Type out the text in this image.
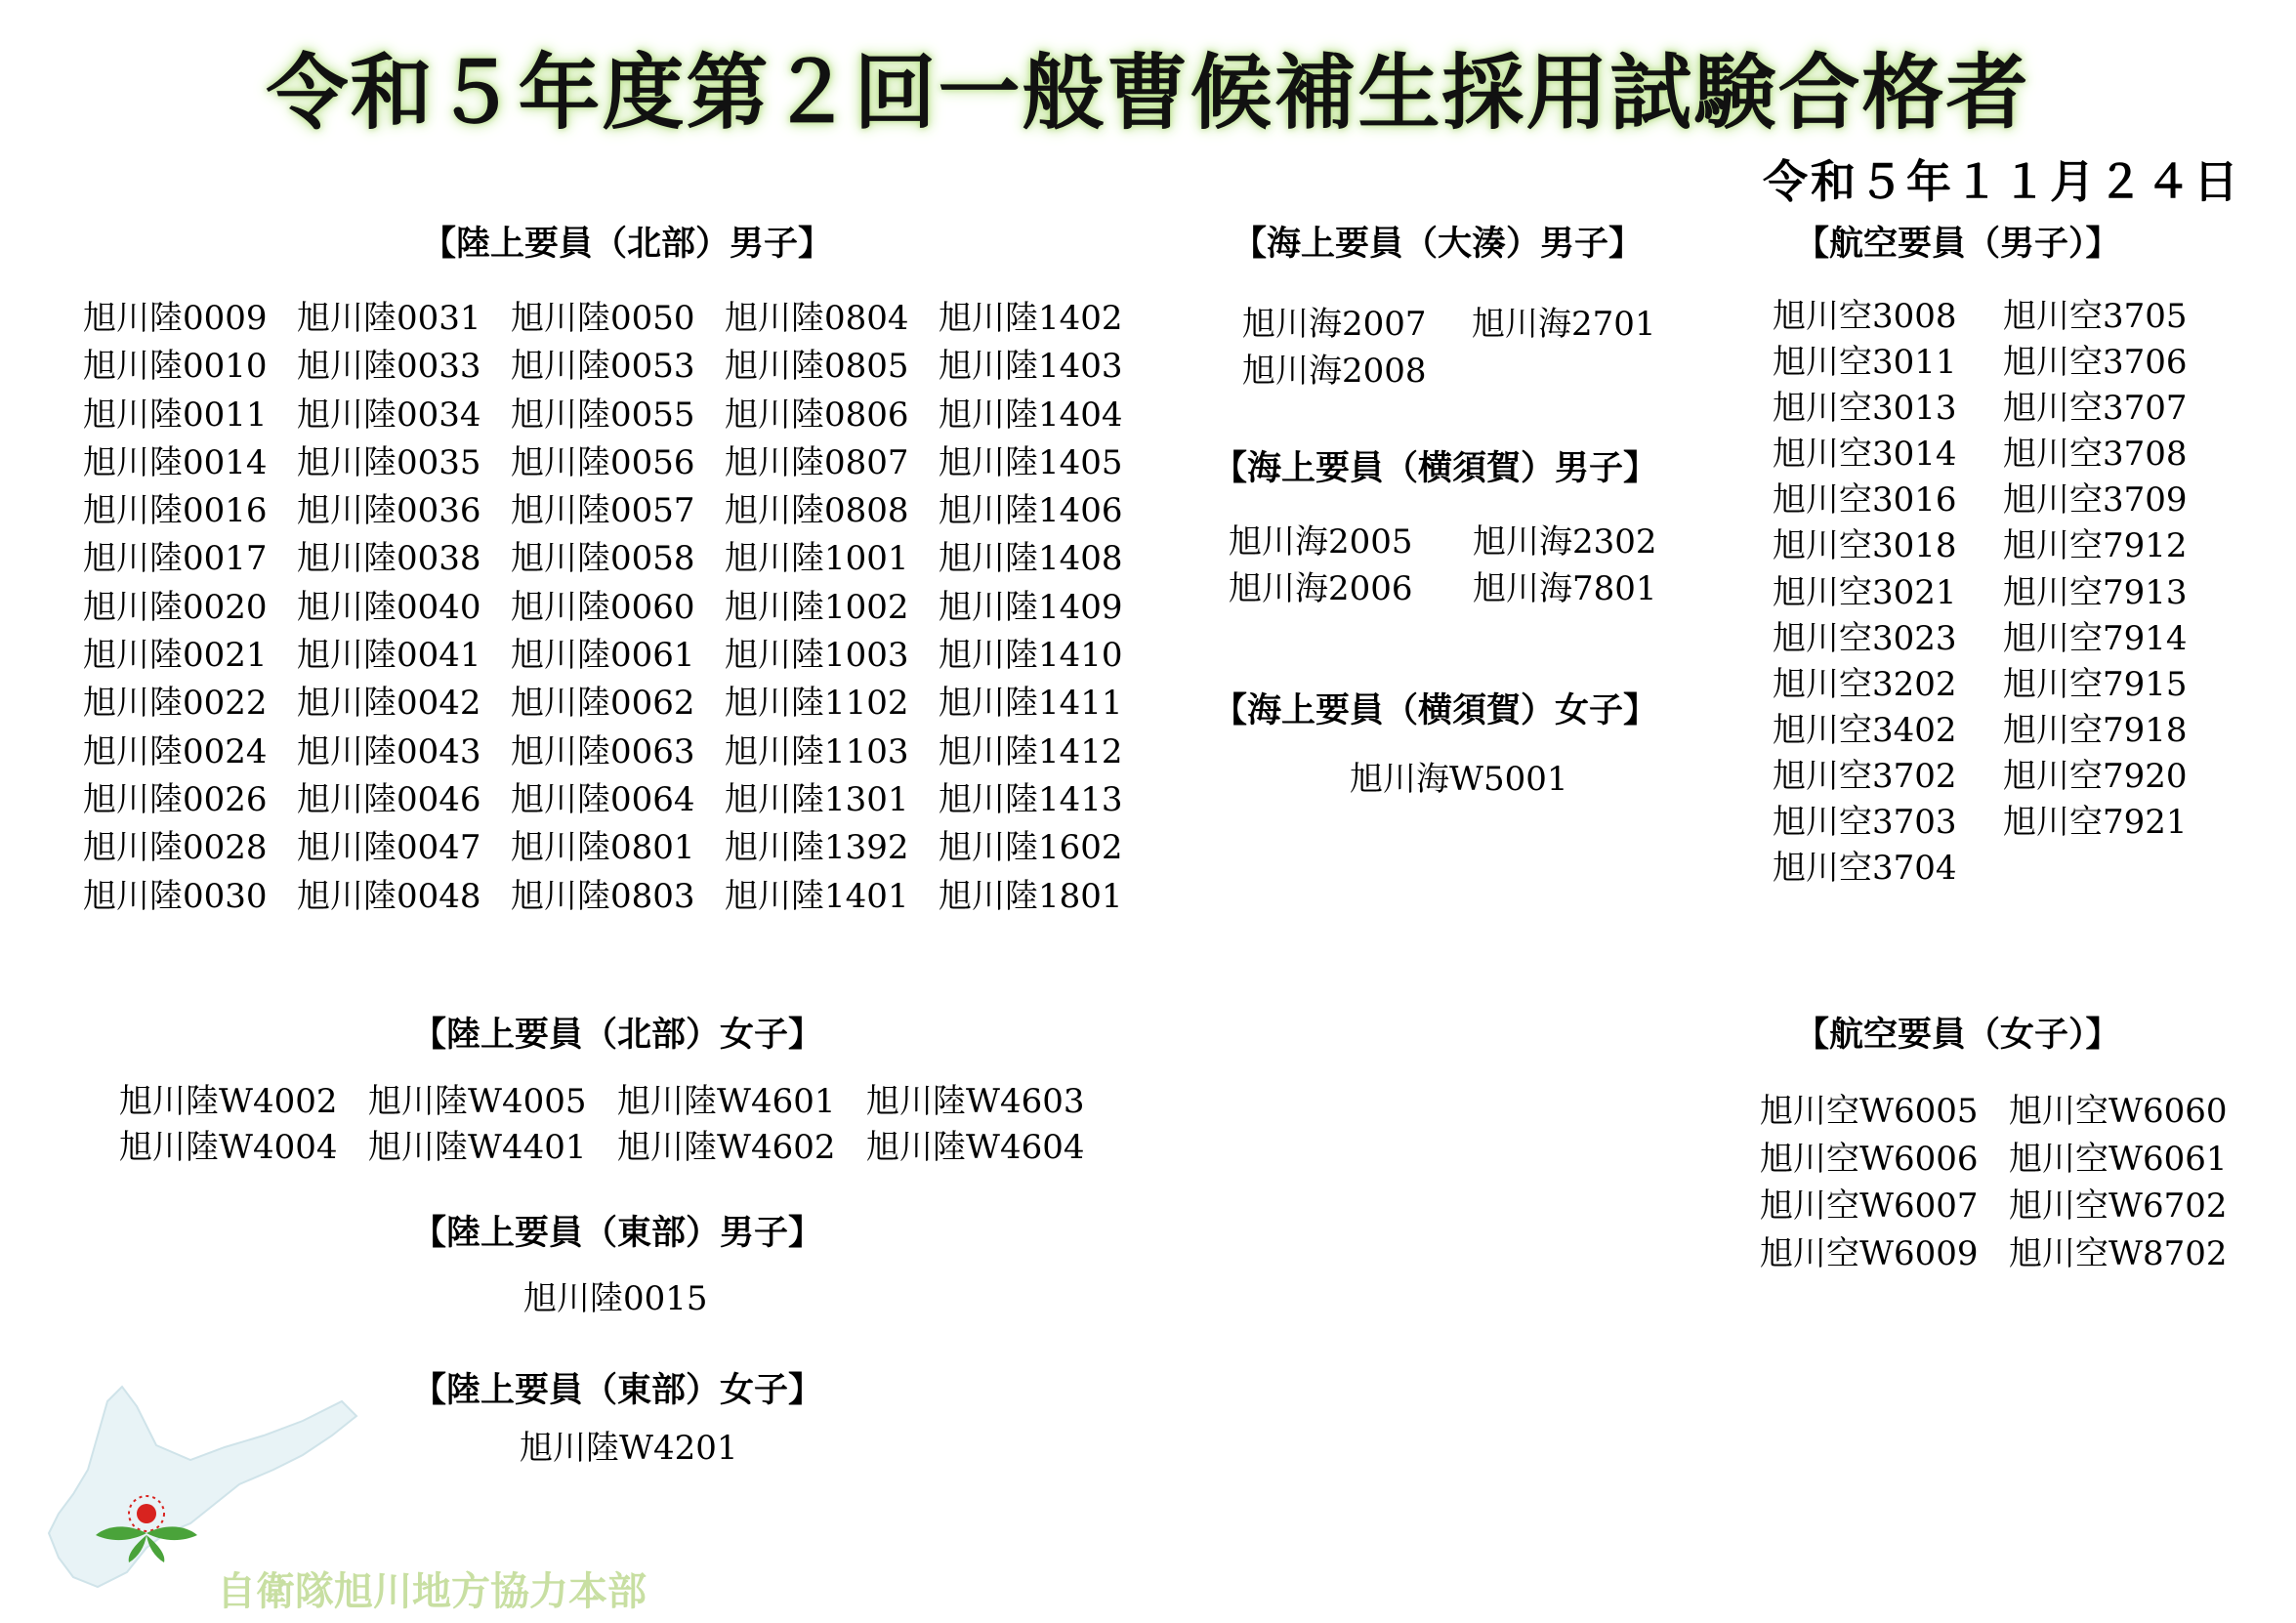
令和５年度第２回一般曹候補生採用試験合格者
令和５年１１月２４日
【陸上要員（北部）男子】
旭川陸0009 旭川陸0031 旭川陸0050 旭川陸0804 旭川陸1402
旭川陸0010 旭川陸0033 旭川陸0053 旭川陸0805 旭川陸1403
旭川陸0011 旭川陸0034 旭川陸0055 旭川陸0806 旭川陸1404
旭川陸0014 旭川陸0035 旭川陸0056 旭川陸0807 旭川陸1405
旭川陸0016 旭川陸0036 旭川陸0057 旭川陸0808 旭川陸1406
旭川陸0017 旭川陸0038 旭川陸0058 旭川陸1001 旭川陸1408
旭川陸0020 旭川陸0040 旭川陸0060 旭川陸1002 旭川陸1409
旭川陸0021 旭川陸0041 旭川陸0061 旭川陸1003 旭川陸1410
旭川陸0022 旭川陸0042 旭川陸0062 旭川陸1102 旭川陸1411
旭川陸0024 旭川陸0043 旭川陸0063 旭川陸1103 旭川陸1412
旭川陸0026 旭川陸0046 旭川陸0064 旭川陸1301 旭川陸1413
旭川陸0028 旭川陸0047 旭川陸0801 旭川陸1392 旭川陸1602
旭川陸0030 旭川陸0048 旭川陸0803 旭川陸1401 旭川陸1801
【陸上要員（北部）女子】
旭川陸W4002 旭川陸W4005 旭川陸W4601 旭川陸W4603
旭川陸W4004 旭川陸W4401 旭川陸W4602 旭川陸W4604
【陸上要員（東部）男子】
旭川陸0015
【陸上要員（東部）女子】
旭川陸W4201
【海上要員（大湊）男子】
旭川海2007	旭川海2701
旭川海2008
【海上要員（横須賀）男子】
旭川海2005	旭川海2302
旭川海2006	旭川海7801
【海上要員（横須賀）女子】
旭川海W5001
【航空要員（男子）】
旭川空3008	旭川空3705
旭川空3011	旭川空3706
旭川空3013	旭川空3707
旭川空3014	旭川空3708
旭川空3016	旭川空3709
旭川空3018	旭川空7912
旭川空3021	旭川空7913
旭川空3023	旭川空7914
旭川空3202	旭川空7915
旭川空3402	旭川空7918
旭川空3702	旭川空7920
旭川空3703	旭川空7921
旭川空3704
【航空要員（女子）】
旭川空W6005 旭川空W6060
旭川空W6006 旭川空W6061
旭川空W6007 旭川空W6702
旭川空W6009 旭川空W8702
自衛隊旭川地方協力本部
